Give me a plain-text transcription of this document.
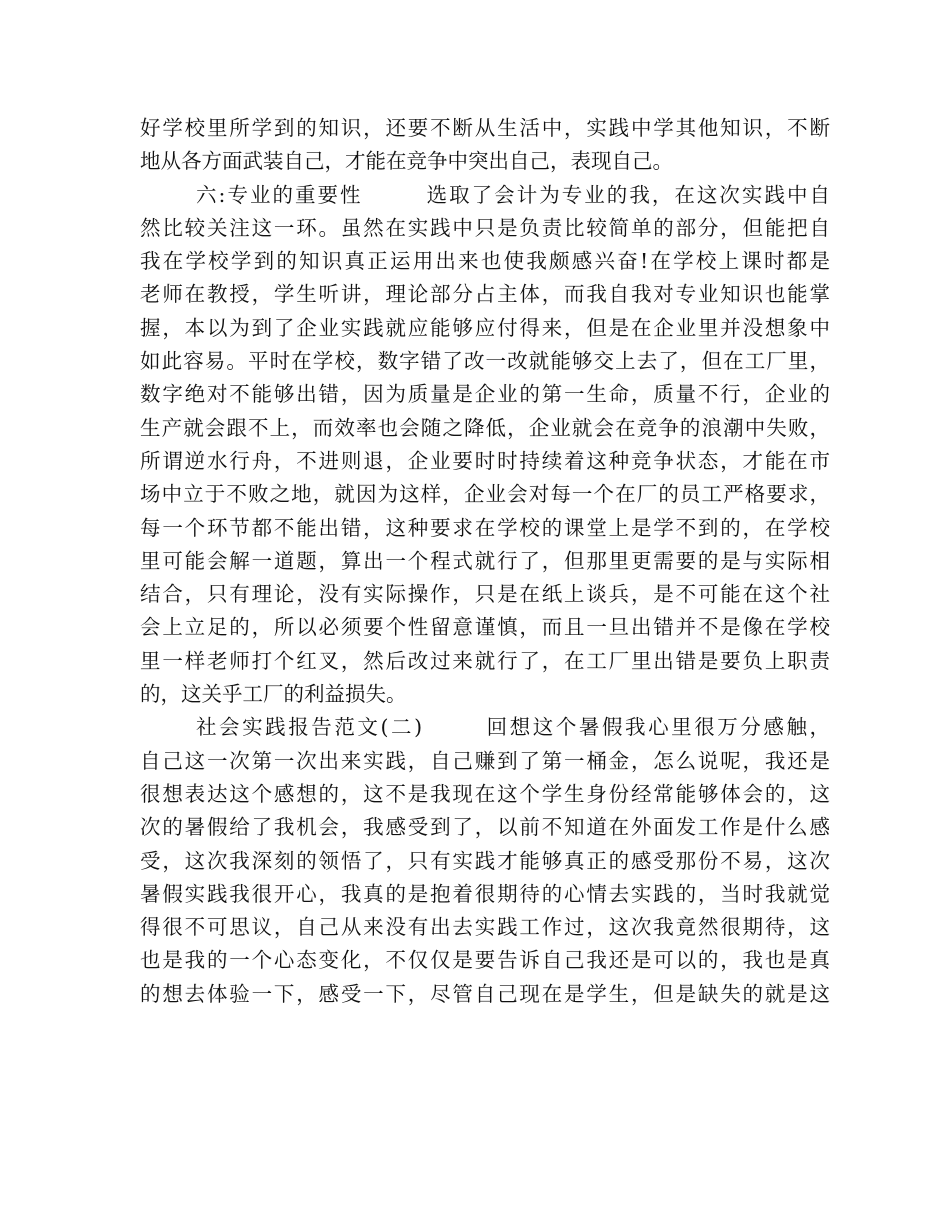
好学校里所学到的知识，还要不断从生活中，实践中学其他知识，不断
地从各方面武装自己，才能在竞争中突出自己，表现自己。
六:专业的重要性	选取了会计为专业的我，在这次实践中自
然比较关注这一环。虽然在实践中只是负责比较简单的部分，但能把自
我在学校学到的知识真正运用出来也使我颇感兴奋!在学校上课时都是
老师在教授，学生听讲，理论部分占主体，而我自我对专业知识也能掌
握，本以为到了企业实践就应能够应付得来，但是在企业里并没想象中
如此容易。平时在学校，数字错了改一改就能够交上去了，但在工厂里，
数字绝对不能够出错，因为质量是企业的第一生命，质量不行，企业的
生产就会跟不上，而效率也会随之降低，企业就会在竞争的浪潮中失败，
所谓逆水行舟，不进则退，企业要时时持续着这种竞争状态，才能在市
场中立于不败之地，就因为这样，企业会对每一个在厂的员工严格要求，
每一个环节都不能出错，这种要求在学校的课堂上是学不到的，在学校
里可能会解一道题，算出一个程式就行了，但那里更需要的是与实际相
结合，只有理论，没有实际操作，只是在纸上谈兵，是不可能在这个社
会上立足的，所以必须要个性留意谨慎，而且一旦出错并不是像在学校
里一样老师打个红叉，然后改过来就行了，在工厂里出错是要负上职责
的，这关乎工厂的利益损失。
社会实践报告范文(二)	回想这个暑假我心里很万分感触，
自己这一次第一次出来实践，自己赚到了第一桶金，怎么说呢，我还是
很想表达这个感想的，这不是我现在这个学生身份经常能够体会的，这
次的暑假给了我机会，我感受到了，以前不知道在外面发工作是什么感
受，这次我深刻的领悟了，只有实践才能够真正的感受那份不易，这次
暑假实践我很开心，我真的是抱着很期待的心情去实践的，当时我就觉
得很不可思议，自己从来没有出去实践工作过，这次我竟然很期待，这
也是我的一个心态变化，不仅仅是要告诉自己我还是可以的，我也是真
的想去体验一下，感受一下，尽管自己现在是学生，但是缺失的就是这
